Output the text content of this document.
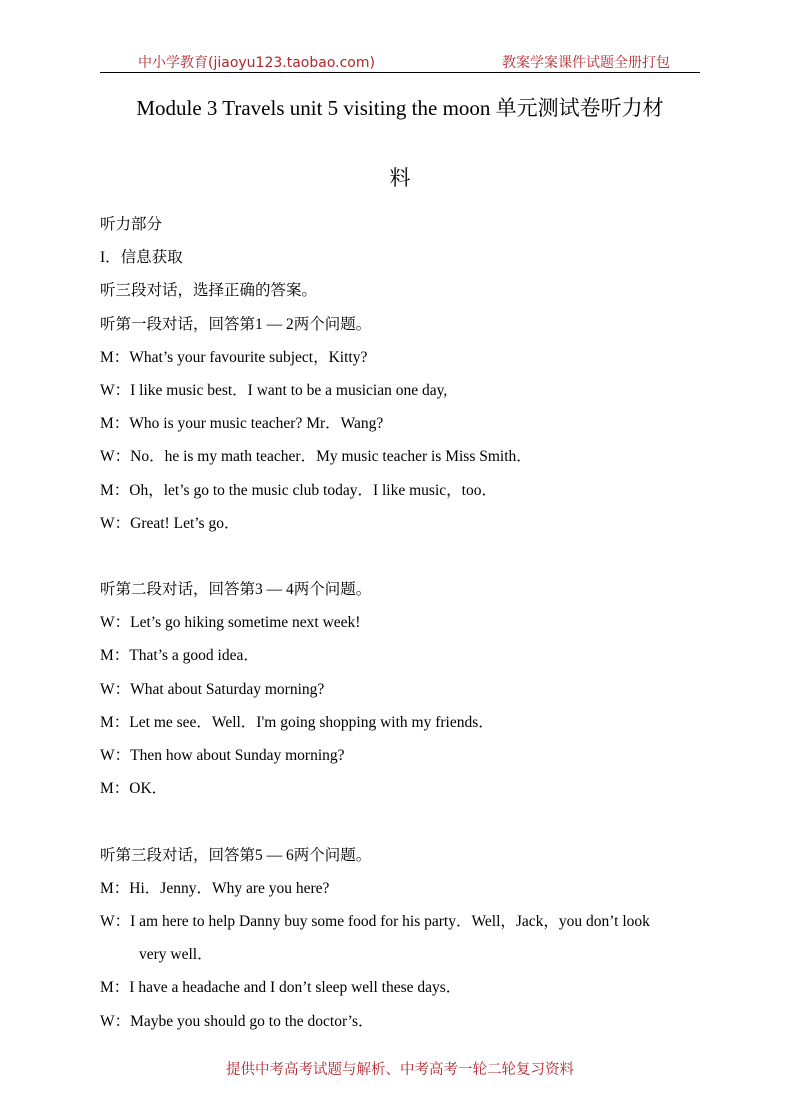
中小学教育(jiaoyu123.taobao.com)	教案学案课件试题全册打包
Module 3 Travels unit 5 visiting the moon 单元测试卷听力材
料
听力部分
I．信息获取
听三段对话，选择正确的答案。
听第一段对话，回答第1 — 2两个问题。
M：What’s your favourite subject，Kitty?
W：I like music best．I want to be a musician one day,
M：Who is your music teacher? Mr．Wang?
W：No．he is my math teacher．My music teacher is Miss Smith．
M：Oh，let’s go to the music club today．I like music，too．
W：Great! Let’s go．
听第二段对话，回答第3 — 4两个问题。
W：Let’s go hiking sometime next week!
M：That’s a good idea．
W：What about Saturday morning?
M：Let me see．Well．I'm going shopping with my friends．
W：Then how about Sunday morning?
M：OK．
听第三段对话，回答第5 — 6两个问题。
M：Hi．Jenny．Why are you here?
W：I am here to help Danny buy some food for his party．Well，Jack，you don’t look
very well．
M：I have a headache and I don’t sleep well these days．
W：Maybe you should go to the doctor’s．
提供中考高考试题与解析、中考高考一轮二轮复习资料
